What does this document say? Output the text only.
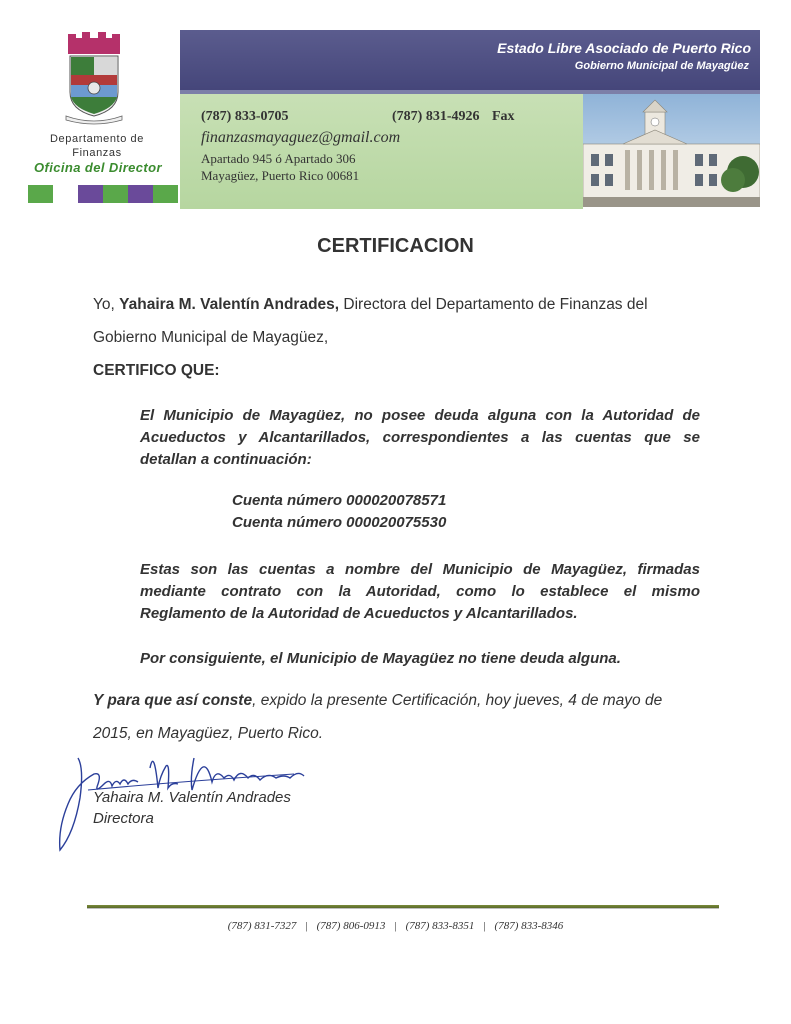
Departamento de
Finanzas
Oficina del Director
Estado Libre Asociado de Puerto Rico
Gobierno Municipal de Mayagüez
(787) 833-0705	(787) 831-4926 Fax
finanzasmayaguez@gmail.com
Apartado 945 ó Apartado 306
Mayagüez, Puerto Rico 00681
CERTIFICACION
Yo, Yahaira M. Valentín Andrades, Directora del Departamento de Finanzas del
Gobierno Municipal de Mayagüez,
CERTIFICO QUE:
El Municipio de Mayagüez, no posee deuda alguna con la Autoridad de
Acueductos y Alcantarillados, correspondientes a las cuentas que se
detallan a continuación:
Cuenta número 000020078571
Cuenta número 000020075530
Estas son las cuentas a nombre del Municipio de Mayagüez, firmadas
mediante contrato con la Autoridad, como lo establece el mismo
Reglamento de la Autoridad de Acueductos y Alcantarillados.
Por consiguiente, el Municipio de Mayagüez no tiene deuda alguna.
Y para que así conste, expido la presente Certificación, hoy jueves, 4 de mayo de
2015, en Mayagüez, Puerto Rico.
Yahaira M. Valentín Andrades
Directora
(787) 831-7327 | (787) 806-0913 | (787) 833-8351 | (787) 833-8346
